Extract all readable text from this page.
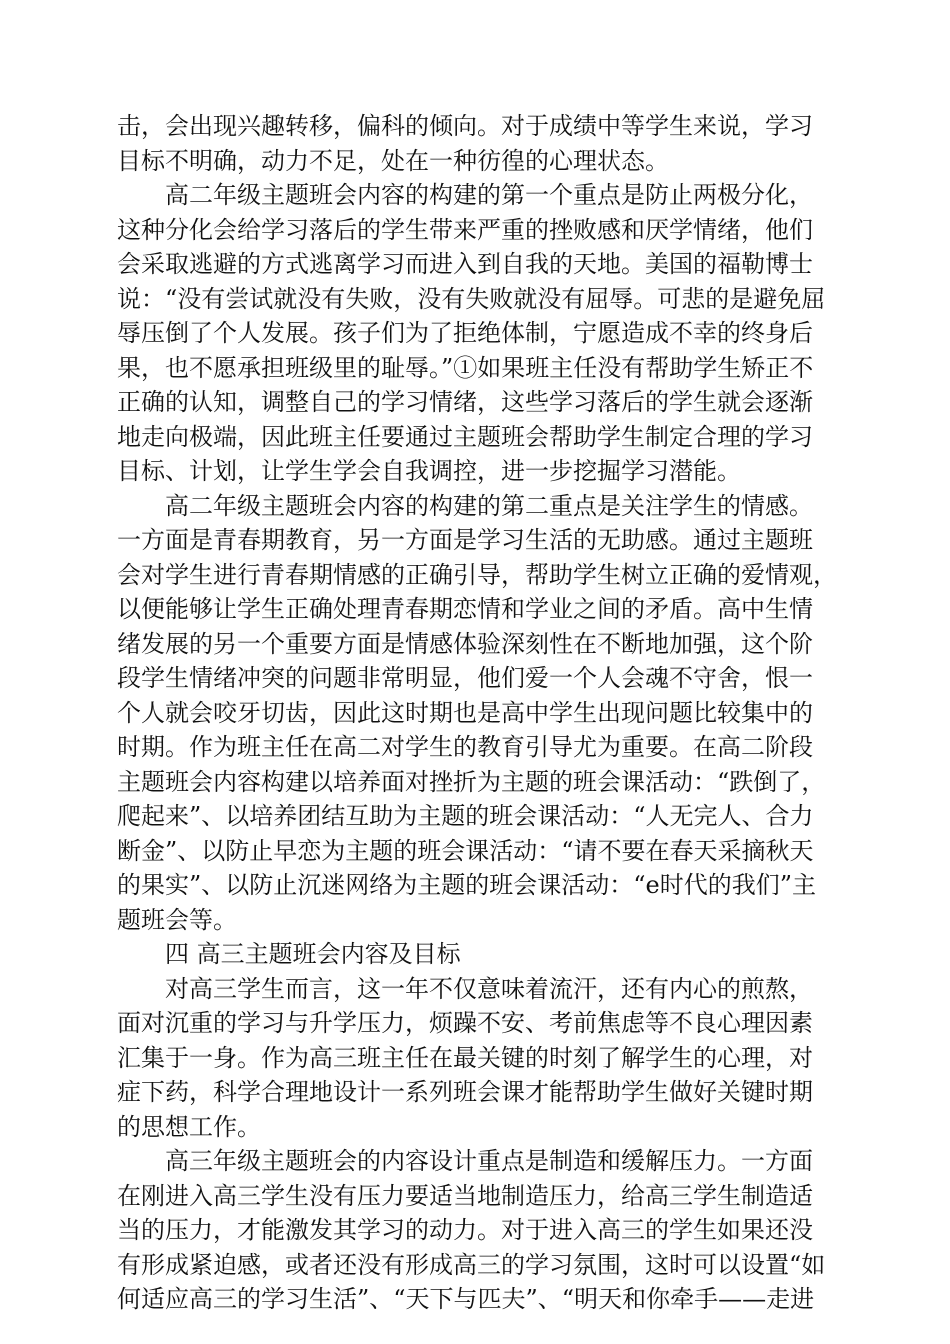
击，会出现兴趣转移，偏科的倾向。对于成绩中等学生来说，学习
目标不明确，动力不足，处在一种彷徨的心理状态。
　　高二年级主题班会内容的构建的第一个重点是防止两极分化，
这种分化会给学习落后的学生带来严重的挫败感和厌学情绪，他们
会采取逃避的方式逃离学习而进入到自我的天地。美国的福勒博士
说：“没有尝试就没有失败，没有失败就没有屈辱。可悲的是避免屈
辱压倒了个人发展。孩子们为了拒绝体制，宁愿造成不幸的终身后
果，也不愿承担班级里的耻辱。”①如果班主任没有帮助学生矫正不
正确的认知，调整自己的学习情绪，这些学习落后的学生就会逐渐
地走向极端，因此班主任要通过主题班会帮助学生制定合理的学习
目标、计划，让学生学会自我调控，进一步挖掘学习潜能。
　　高二年级主题班会内容的构建的第二重点是关注学生的情感。
一方面是青春期教育，另一方面是学习生活的无助感。通过主题班
会对学生进行青春期情感的正确引导，帮助学生树立正确的爱情观，
以便能够让学生正确处理青春期恋情和学业之间的矛盾。高中生情
绪发展的另一个重要方面是情感体验深刻性在不断地加强，这个阶
段学生情绪冲突的问题非常明显，他们爱一个人会魂不守舍，恨一
个人就会咬牙切齿，因此这时期也是高中学生出现问题比较集中的
时期。作为班主任在高二对学生的教育引导尤为重要。在高二阶段
主题班会内容构建以培养面对挫折为主题的班会课活动：“跌倒了，
爬起来”、以培养团结互助为主题的班会课活动：“人无完人、合力
断金”、以防止早恋为主题的班会课活动：“请不要在春天采摘秋天
的果实”、以防止沉迷网络为主题的班会课活动：“e时代的我们”主
题班会等。
　　四 高三主题班会内容及目标
　　对高三学生而言，这一年不仅意味着流汗，还有内心的煎熬，
面对沉重的学习与升学压力，烦躁不安、考前焦虑等不良心理因素
汇集于一身。作为高三班主任在最关键的时刻了解学生的心理，对
症下药，科学合理地设计一系列班会课才能帮助学生做好关键时期
的思想工作。
　　高三年级主题班会的内容设计重点是制造和缓解压力。一方面
在刚进入高三学生没有压力要适当地制造压力，给高三学生制造适
当的压力，才能激发其学习的动力。对于进入高三的学生如果还没
有形成紧迫感，或者还没有形成高三的学习氛围，这时可以设置“如
何适应高三的学习生活”、“天下与匹夫”、“明天和你牵手——走进
